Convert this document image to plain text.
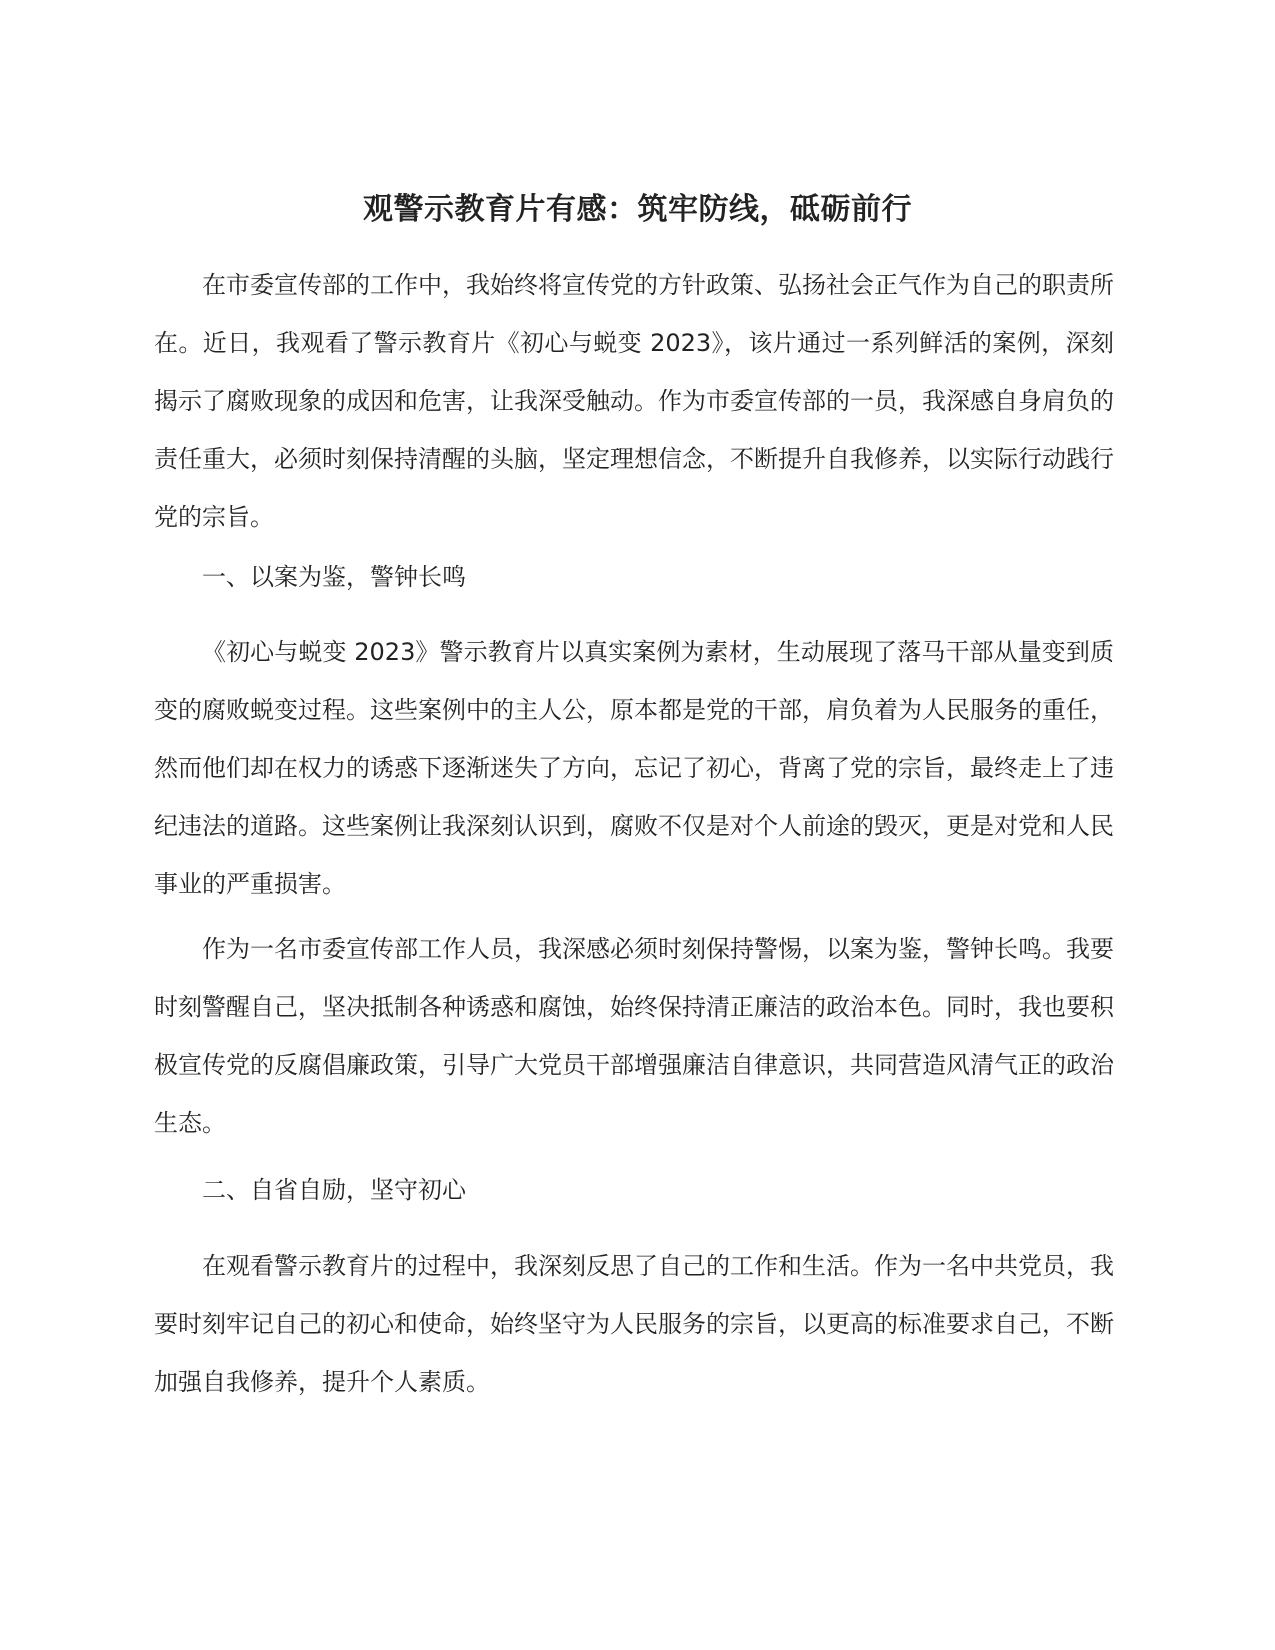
观警示教育片有感：筑牢防线，砥砺前行

在市委宣传部的工作中，我始终将宣传党的方针政策、弘扬社会正气作为自己的职责所在。近日，我观看了警示教育片《初心与蜕变 2023》，该片通过一系列鲜活的案例，深刻揭示了腐败现象的成因和危害，让我深受触动。作为市委宣传部的一员，我深感自身肩负的责任重大，必须时刻保持清醒的头脑，坚定理想信念，不断提升自我修养，以实际行动践行党的宗旨。

一、以案为鉴，警钟长鸣

《初心与蜕变 2023》警示教育片以真实案例为素材，生动展现了落马干部从量变到质变的腐败蜕变过程。这些案例中的主人公，原本都是党的干部，肩负着为人民服务的重任，然而他们却在权力的诱惑下逐渐迷失了方向，忘记了初心，背离了党的宗旨，最终走上了违纪违法的道路。这些案例让我深刻认识到，腐败不仅是对个人前途的毁灭，更是对党和人民事业的严重损害。

作为一名市委宣传部工作人员，我深感必须时刻保持警惕，以案为鉴，警钟长鸣。我要时刻警醒自己，坚决抵制各种诱惑和腐蚀，始终保持清正廉洁的政治本色。同时，我也要积极宣传党的反腐倡廉政策，引导广大党员干部增强廉洁自律意识，共同营造风清气正的政治生态。

二、自省自励，坚守初心

在观看警示教育片的过程中，我深刻反思了自己的工作和生活。作为一名中共党员，我要时刻牢记自己的初心和使命，始终坚守为人民服务的宗旨，以更高的标准要求自己，不断加强自我修养，提升个人素质。
